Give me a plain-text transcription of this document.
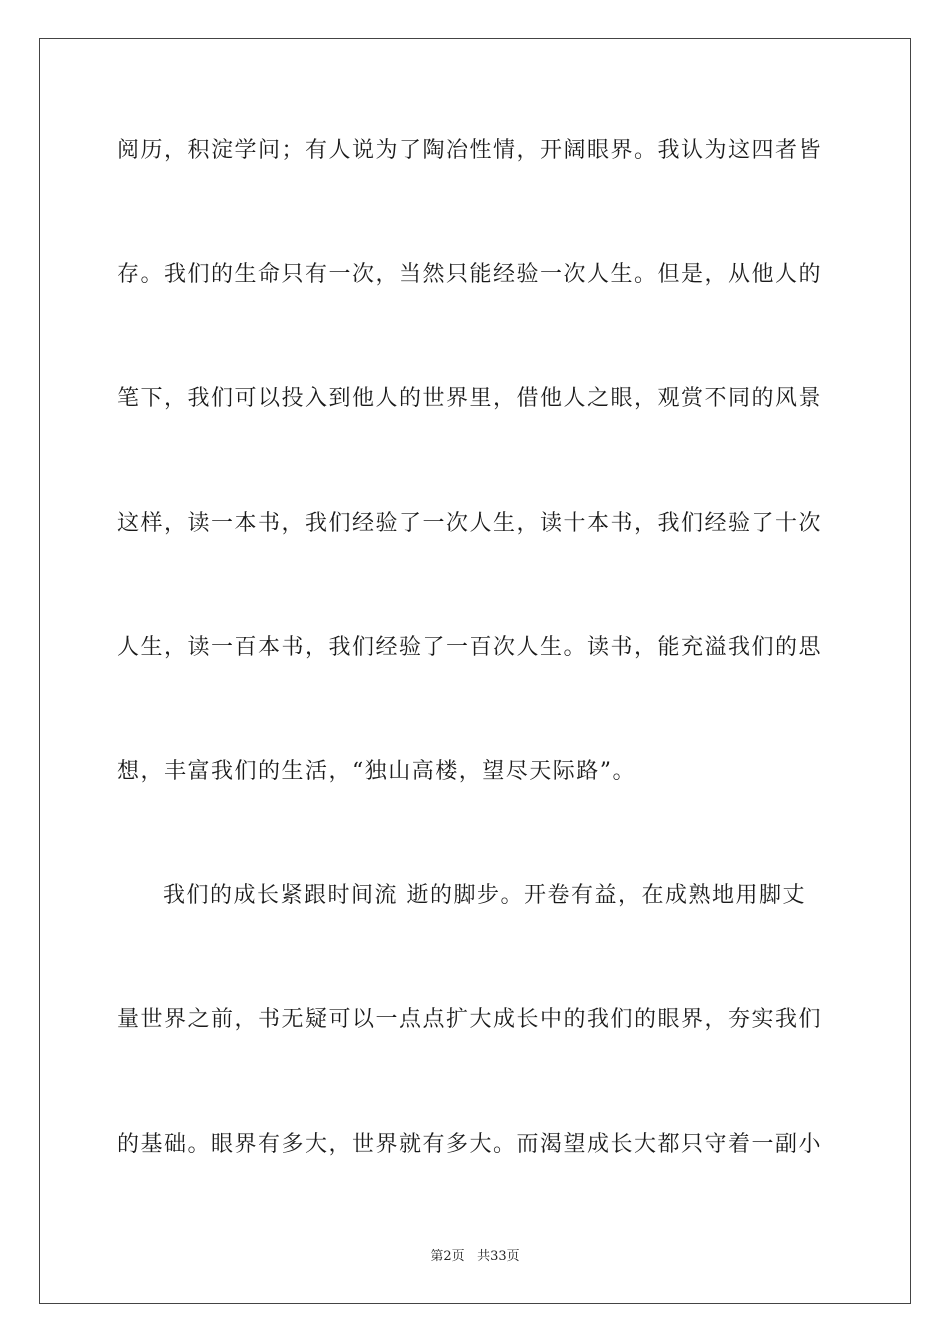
阅历，积淀学问；有人说为了陶冶性情，开阔眼界。我认为这四者皆
存。我们的生命只有一次，当然只能经验一次人生。但是，从他人的
笔下，我们可以投入到他人的世界里，借他人之眼，观赏不同的风景
这样，读一本书，我们经验了一次人生，读十本书，我们经验了十次
人生，读一百本书，我们经验了一百次人生。读书，能充溢我们的思
想，丰富我们的生活，“独山高楼，望尽天际路”。
我们的成长紧跟时间流 逝的脚步。开卷有益，在成熟地用脚丈
量世界之前，书无疑可以一点点扩大成长中的我们的眼界，夯实我们
的基础。眼界有多大，世界就有多大。而渴望成长大都只守着一副小
第2页 共33页
